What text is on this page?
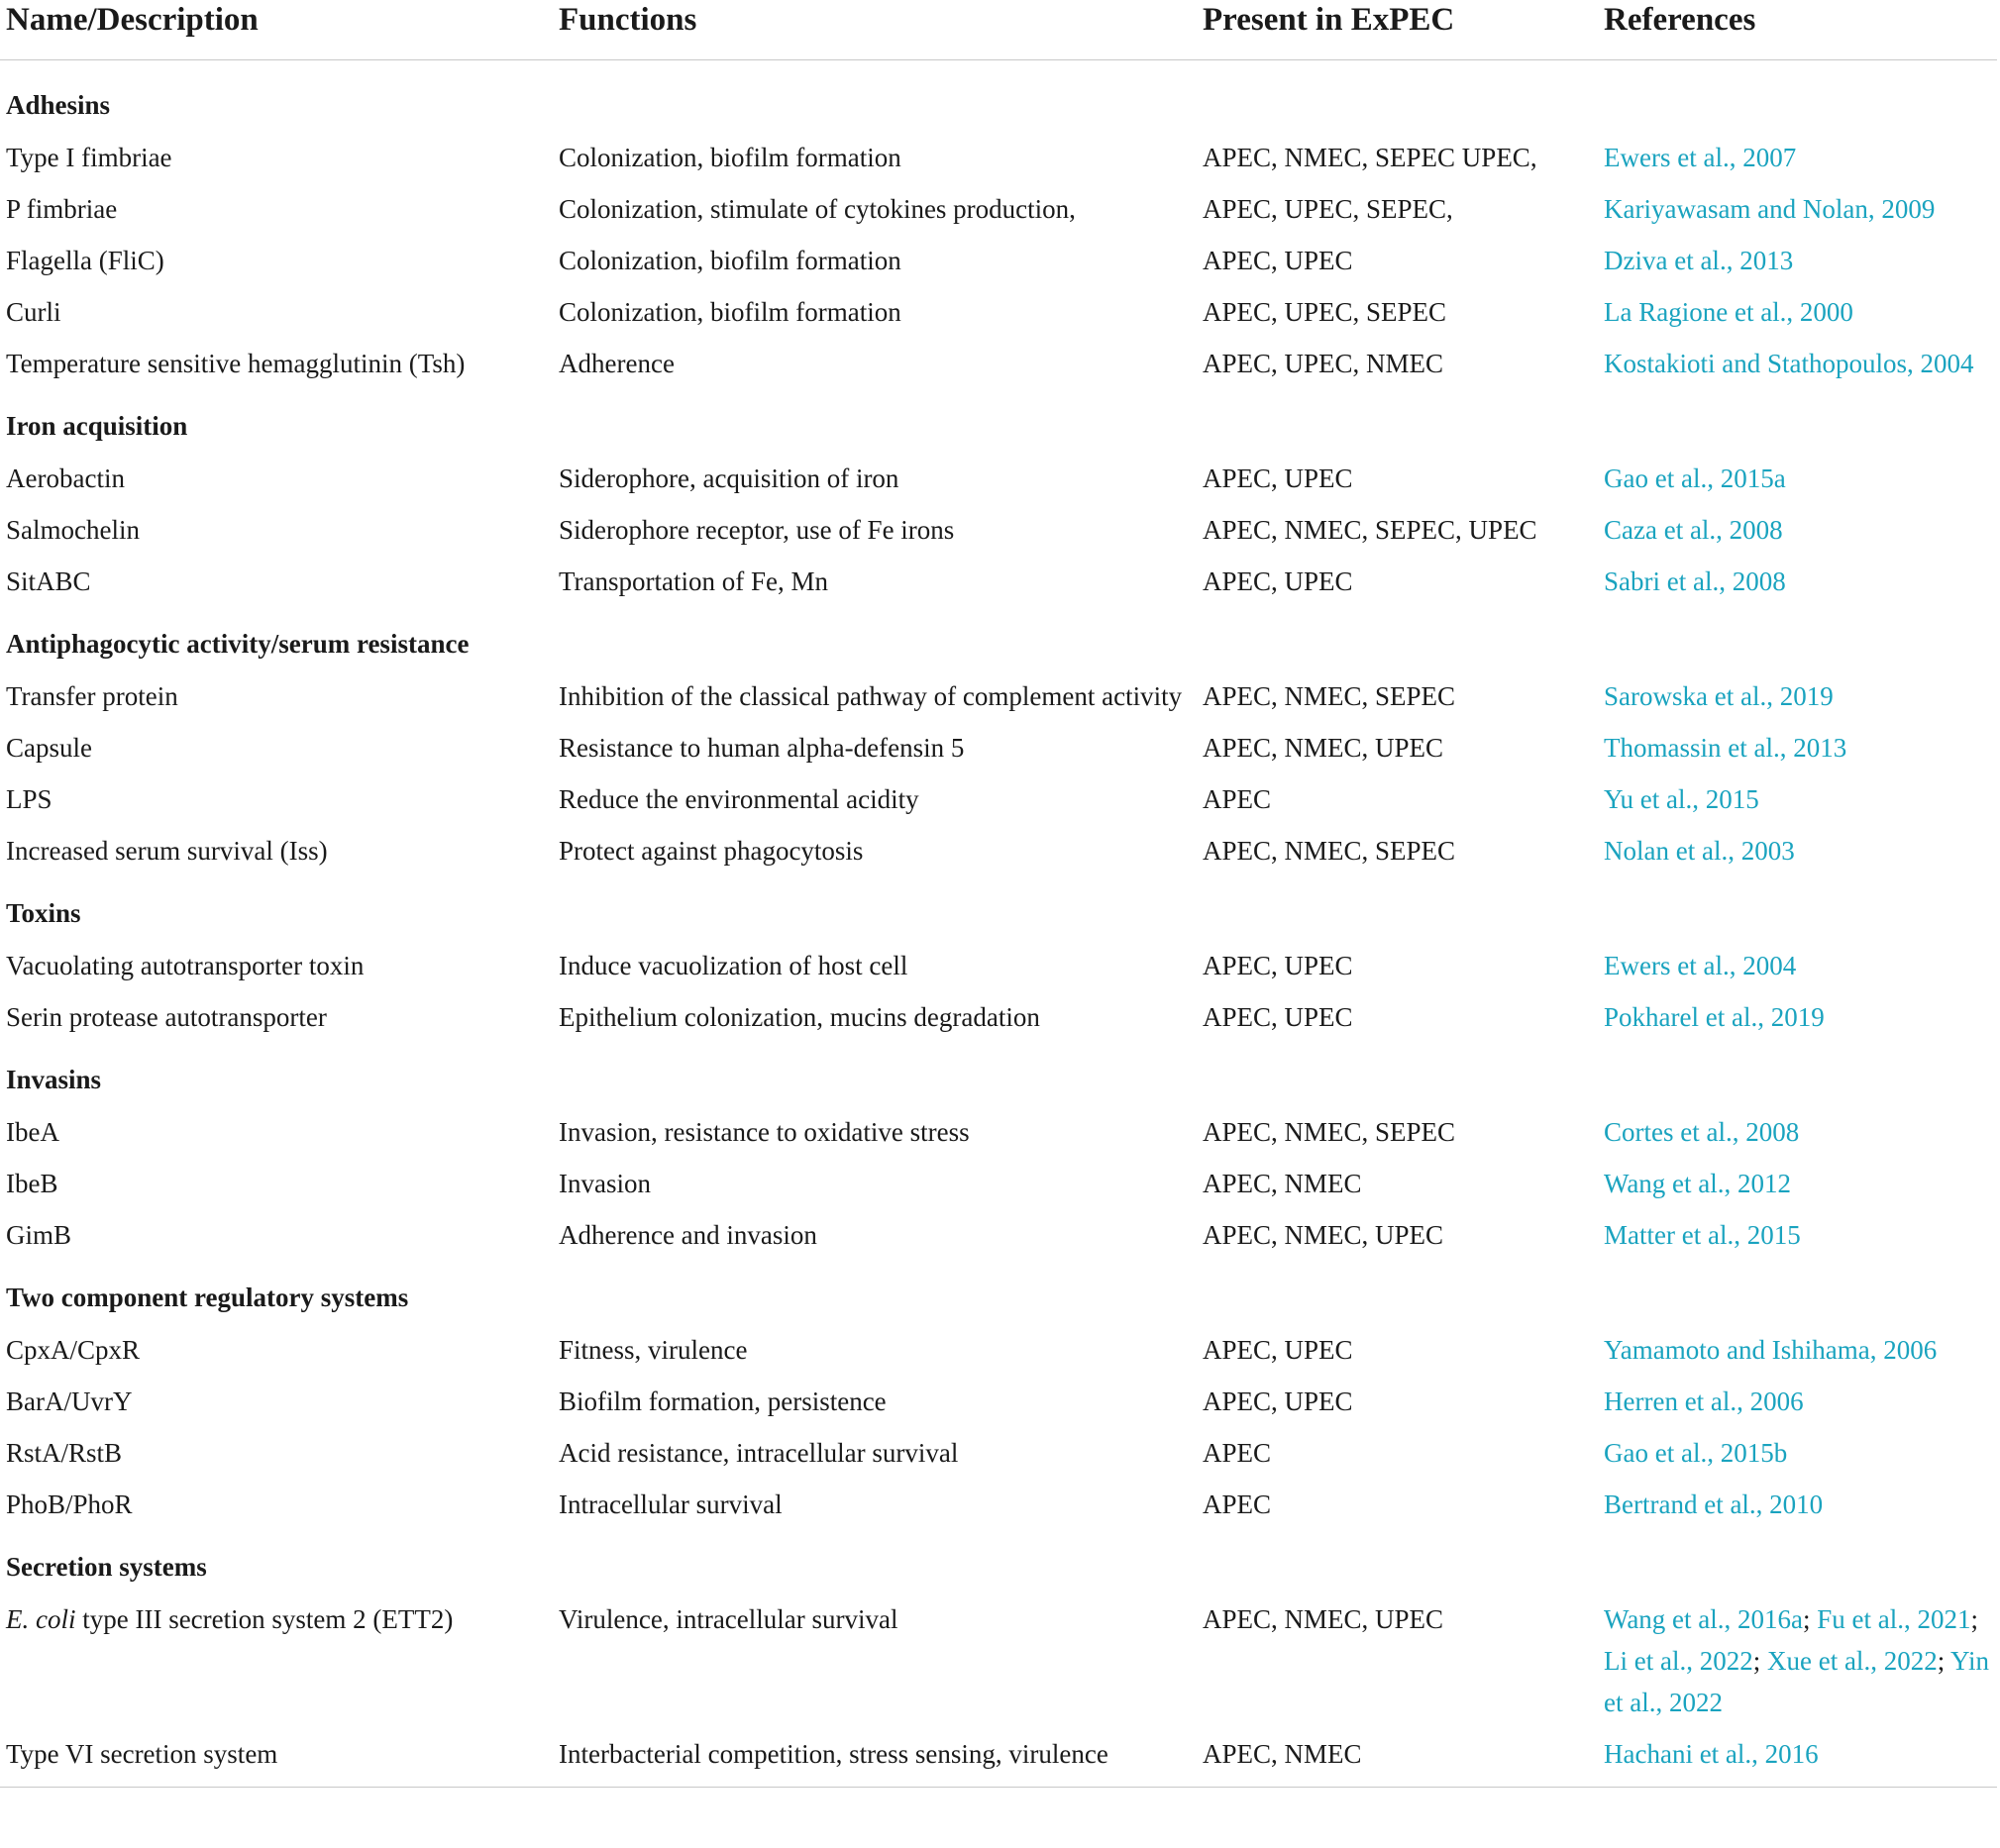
Name/Description	Functions	Present in ExPEC	References
Adhesins			
Type I fimbriae	Colonization, biofilm formation	APEC, NMEC, SEPEC UPEC,	Ewers et al., 2007
P fimbriae	Colonization, stimulate of cytokines production,	APEC, UPEC, SEPEC,	Kariyawasam and Nolan, 2009
Flagella (FliC)	Colonization, biofilm formation	APEC, UPEC	Dziva et al., 2013
Curli	Colonization, biofilm formation	APEC, UPEC, SEPEC	La Ragione et al., 2000
Temperature sensitive hemagglutinin (Tsh)	Adherence	APEC, UPEC, NMEC	Kostakioti and Stathopoulos, 2004
Iron acquisition			
Aerobactin	Siderophore, acquisition of iron	APEC, UPEC	Gao et al., 2015a
Salmochelin	Siderophore receptor, use of Fe irons	APEC, NMEC, SEPEC, UPEC	Caza et al., 2008
SitABC	Transportation of Fe, Mn	APEC, UPEC	Sabri et al., 2008
Antiphagocytic activity/serum resistance			
Transfer protein	Inhibition of the classical pathway of complement activity	APEC, NMEC, SEPEC	Sarowska et al., 2019
Capsule	Resistance to human alpha-defensin 5	APEC, NMEC, UPEC	Thomassin et al., 2013
LPS	Reduce the environmental acidity	APEC	Yu et al., 2015
Increased serum survival (Iss)	Protect against phagocytosis	APEC, NMEC, SEPEC	Nolan et al., 2003
Toxins			
Vacuolating autotransporter toxin	Induce vacuolization of host cell	APEC, UPEC	Ewers et al., 2004
Serin protease autotransporter	Epithelium colonization, mucins degradation	APEC, UPEC	Pokharel et al., 2019
Invasins			
IbeA	Invasion, resistance to oxidative stress	APEC, NMEC, SEPEC	Cortes et al., 2008
IbeB	Invasion	APEC, NMEC	Wang et al., 2012
GimB	Adherence and invasion	APEC, NMEC, UPEC	Matter et al., 2015
Two component regulatory systems			
CpxA/CpxR	Fitness, virulence	APEC, UPEC	Yamamoto and Ishihama, 2006
BarA/UvrY	Biofilm formation, persistence	APEC, UPEC	Herren et al., 2006
RstA/RstB	Acid resistance, intracellular survival	APEC	Gao et al., 2015b
PhoB/PhoR	Intracellular survival	APEC	Bertrand et al., 2010
Secretion systems			
E. coli type III secretion system 2 (ETT2)	Virulence, intracellular survival	APEC, NMEC, UPEC	Wang et al., 2016a; Fu et al., 2021; Li et al., 2022; Xue et al., 2022; Yin et al., 2022
Type VI secretion system	Interbacterial competition, stress sensing, virulence	APEC, NMEC	Hachani et al., 2016
